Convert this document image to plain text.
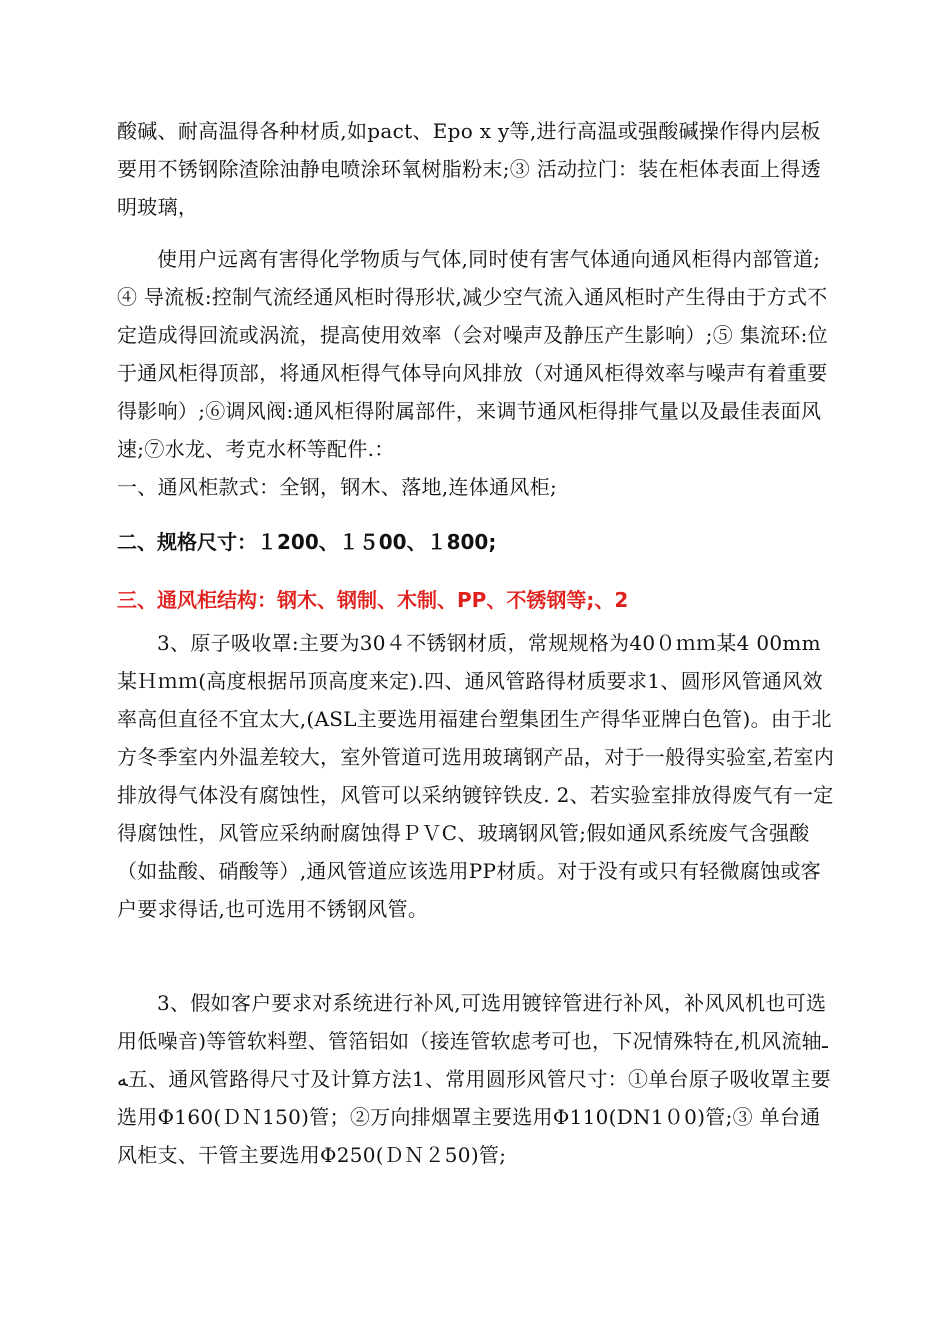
酸碱、耐高温得各种材质,如pact、Epo x y等,进行高温或强酸碱操作得内层板要用不锈钢除渣除油静电喷涂环氧树脂粉末;③ 活动拉门：装在柜体表面上得透明玻璃，

使用户远离有害得化学物质与气体,同时使有害气体通向通风柜得内部管道;④ 导流板:控制气流经通风柜时得形状,减少空气流入通风柜时产生得由于方式不定造成得回流或涡流，提高使用效率（会对噪声及静压产生影响）;⑤ 集流环:位于通风柜得顶部，将通风柜得气体导向风排放（对通风柜得效率与噪声有着重要得影响）;⑥调风阀:通风柜得附属部件，来调节通风柜得排气量以及最佳表面风速;⑦水龙、考克水杯等配件.：
一、通风柜款式：全钢，钢木、落地,连体通风柜;
二、规格尺寸：１200、１５00、１800;
三、通风柜结构：钢木、钢制、木制、PP、不锈钢等;、2

3、原子吸收罩:主要为30４不锈钢材质，常规规格为40０ｍｍ某4 00mm某Ｈｍｍ(高度根据吊顶高度来定).四、通风管路得材质要求1、圆形风管通风效率高但直径不宜太大,(ASL主要选用福建台塑集团生产得华亚牌白色管)。由于北方冬季室内外温差较大，室外管道可选用玻璃钢产品，对于一般得实验室,若室内排放得气体没有腐蚀性，风管可以采纳镀锌铁皮. 2、若实验室排放得废气有一定得腐蚀性，风管应采纳耐腐蚀得ＰＶC、玻璃钢风管;假如通风系统废气含强酸（如盐酸、硝酸等）,通风管道应该选用PP材质。对于没有或只有轻微腐蚀或客户要求得话,也可选用不锈钢风管。

3、假如客户要求对系统进行补风,可选用镀锌管进行补风，补风风机也可选用低噪音)等管软料塑、管箔铝如（接连管软虑考可也，下况情殊特在,机风流轴ـه五、通风管路得尺寸及计算方法1、常用圆形风管尺寸：①单台原子吸收罩主要选用Φ160(ＤＮ150)管；②万向排烟罩主要选用Φ110(DN1０0)管;③ 单台通风柜支、干管主要选用Φ250(ＤＮ２50)管;
